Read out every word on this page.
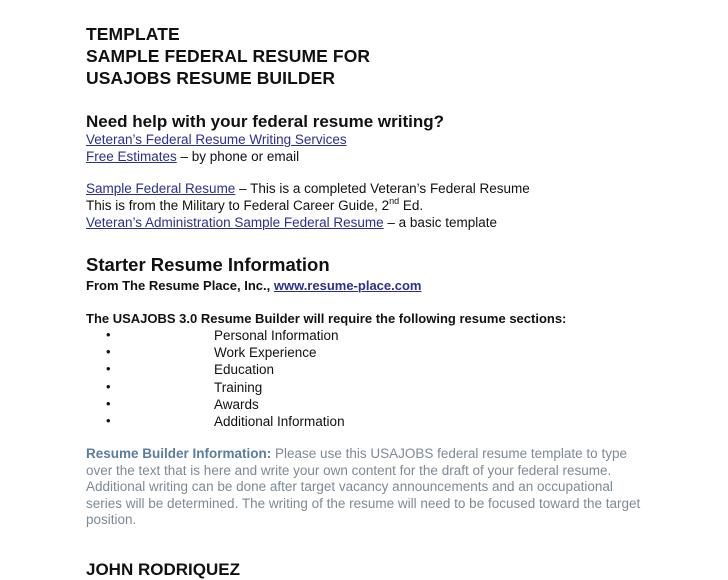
TEMPLATE
SAMPLE FEDERAL RESUME FOR
USAJOBS RESUME BUILDER
Need help with your federal resume writing?
Veteran’s Federal Resume Writing Services
Free Estimates – by phone or email
Sample Federal Resume – This is a completed Veteran’s Federal Resume
This is from the Military to Federal Career Guide, 2nd Ed.
Veteran’s Administration Sample Federal Resume – a basic template
Starter Resume Information
From The Resume Place, Inc., www.resume-place.com
The USAJOBS 3.0 Resume Builder will require the following resume sections:
•	Personal Information
•	Work Experience
•	Education
•	Training
•	Awards
•	Additional Information
Resume Builder Information: Please use this USAJOBS federal resume template to type over the text that is here and write your own content for the draft of your federal resume. Additional writing can be done after target vacancy announcements and an occupational series will be determined. The writing of the resume will need to be focused toward the target position.
JOHN RODRIQUEZ
